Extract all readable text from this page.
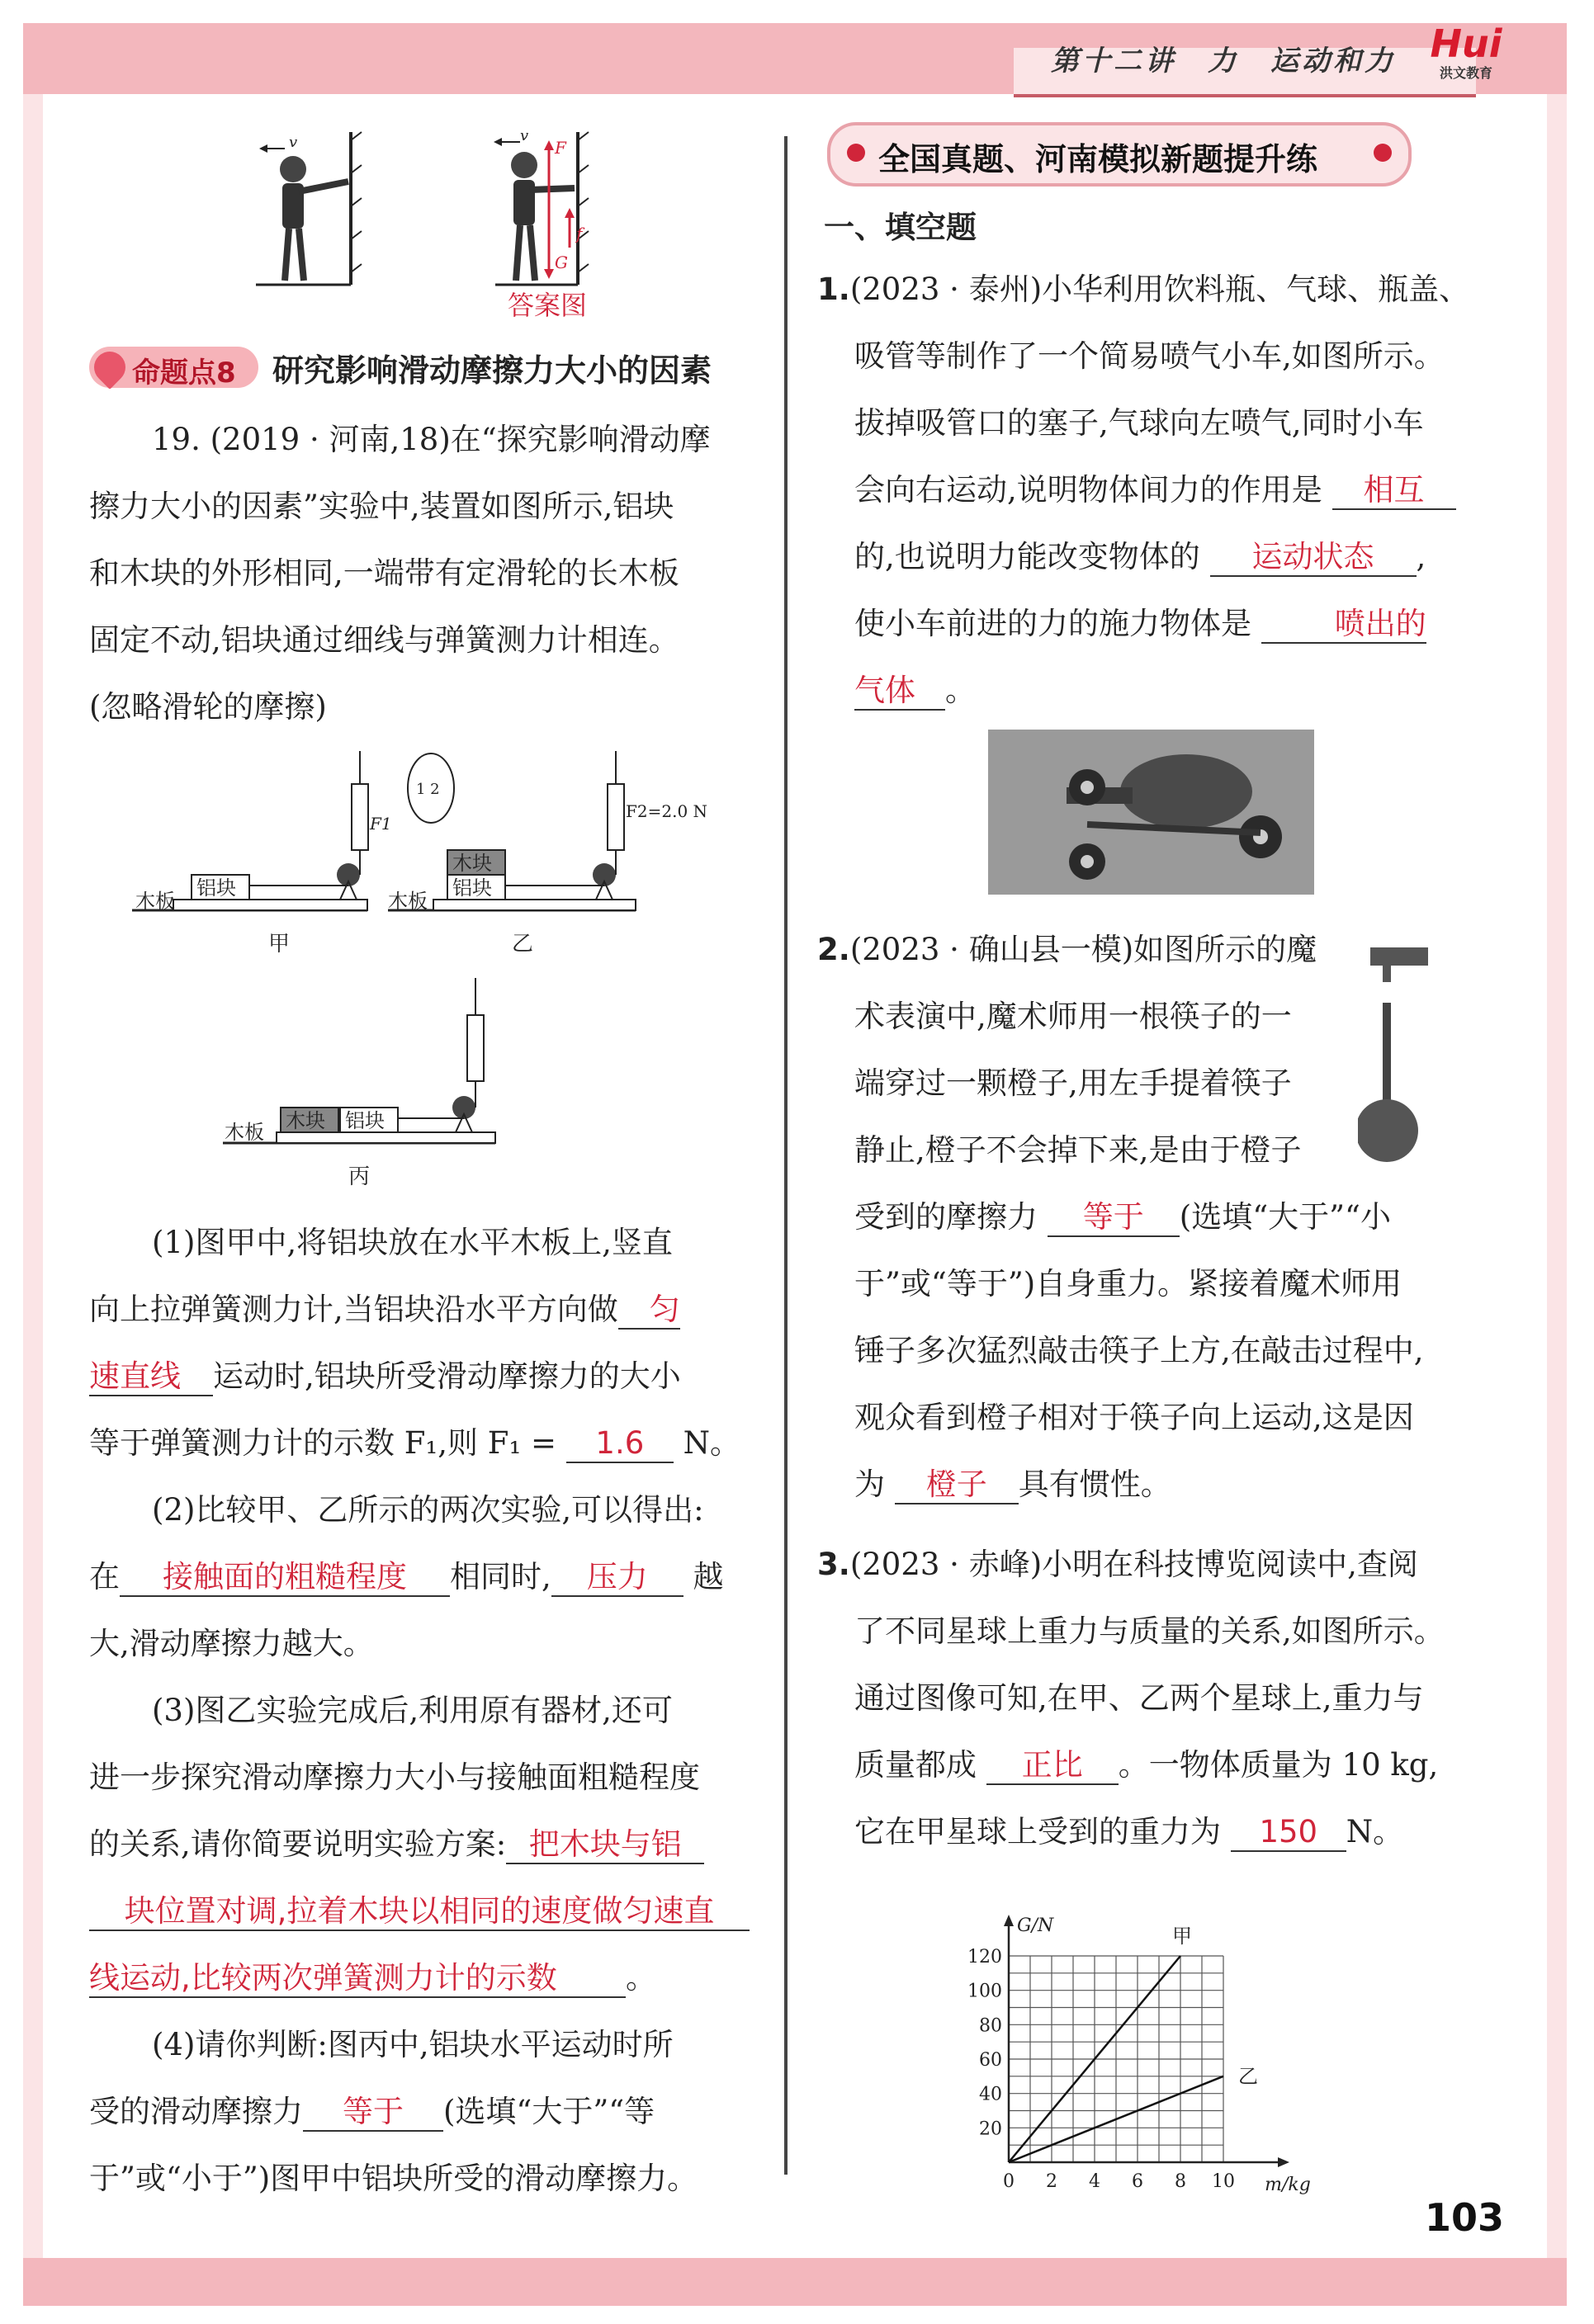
第十二讲　力　运动和力 Hui
洪文教育
103
v	F
G
f
v
答案图
命题点8 研究影响滑动摩擦力大小的因素

19. (2019 · 河南,18)在“探究影响滑动摩

擦力大小的因素”实验中,装置如图所示,铝块

和木块的外形相同,一端带有定滑轮的长木板

固定不动,铝块通过细线与弹簧测力计相连。

(忽略滑轮的摩擦)

铝块
木板
F1
1 2
甲
铝块
木块
木板
F2=2.0 N
乙
木块 铝块
木板
丙

(1)图甲中,将铝块放在水平木板上,竖直

向上拉弹簧测力计,当铝块沿水平方向做 匀

速直线 运动时,铝块所受滑动摩擦力的大小

等于弹簧测力计的示数 F₁,则 F₁ = 1.6 N。

(2)比较甲、乙所示的两次实验,可以得出:

在 接触面的粗糙程度 相同时, 压力 越

大,滑动摩擦力越大。

(3)图乙实验完成后,利用原有器材,还可

进一步探究滑动摩擦力大小与接触面粗糙程度

的关系,请你简要说明实验方案: 把木块与铝

块位置对调,拉着木块以相同的速度做匀速直

线运动,比较两次弹簧测力计的示数 。

(4)请你判断:图丙中,铝块水平运动时所

受的滑动摩擦力 等于 (选填“大于”“等

于”或“小于”)图甲中铝块所受的滑动摩擦力。

全国真题、河南模拟新题提升练
一、填空题

1.(2023 · 泰州)小华利用饮料瓶、气球、瓶盖、

吸管等制作了一个简易喷气小车,如图所示。

拔掉吸管口的塞子,气球向左喷气,同时小车

会向右运动,说明物体间力的作用是 相互

的,也说明力能改变物体的 运动状态 ,

使小车前进的力的施力物体是	喷出的

气体 。

2.(2023 · 确山县一模)如图所示的魔

术表演中,魔术师用一根筷子的一

端穿过一颗橙子,用左手提着筷子

静止,橙子不会掉下来,是由于橙子

受到的摩擦力 等于 (选填“大于”“小

于”或“等于”)自身重力。紧接着魔术师用

锤子多次猛烈敲击筷子上方,在敲击过程中,

观众看到橙子相对于筷子向上运动,这是因

为 橙子 具有惯性。

3.(2023 · 赤峰)小明在科技博览阅读中,查阅

了不同星球上重力与质量的关系,如图所示。

通过图像可知,在甲、乙两个星球上,重力与

质量都成 正比 。一物体质量为 10 kg,

它在甲星球上受到的重力为 150 N。

0 2 4 6 8 10
20
40
60
80
100
120
m/kg
G/N	甲
乙
